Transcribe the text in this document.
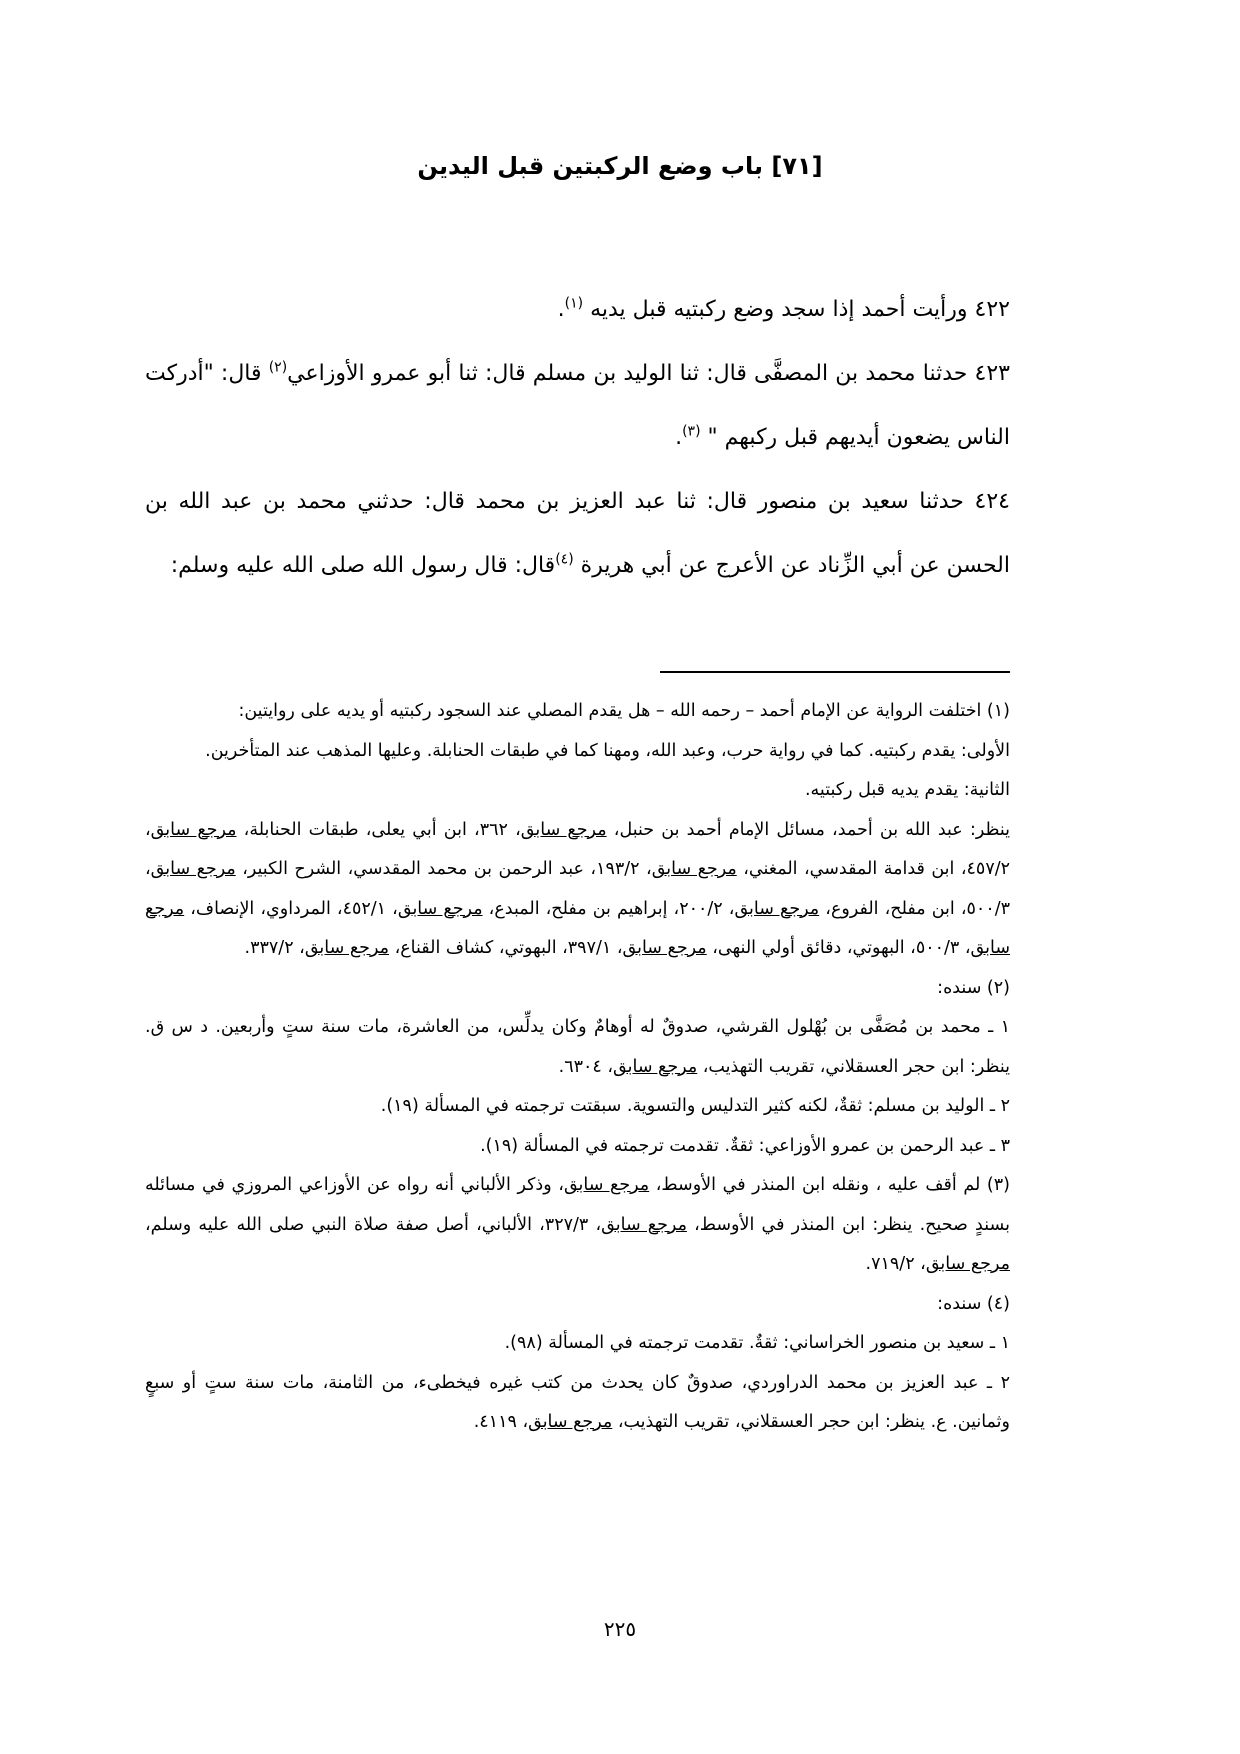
[٧١] باب وضع الركبتين قبل اليدين

٤٢٢ ورأيت أحمد إذا سجد وضع ركبتيه قبل يديه $^{(١)}$.

٤٢٣ حدثنا محمد بن المصفَّى قال: ثنا الوليد بن مسلم قال: ثنا أبو عمرو الأوزاعي$^{(٢)}$ قال: "أدركت الناس يضعون أيديهم قبل ركبهم " $^{(٣)}$.

٤٢٤ حدثنا سعيد بن منصور قال: ثنا عبد العزيز بن محمد قال: حدثني محمد بن عبد الله بن الحسن عن أبي الزِّناد عن الأعرج عن أبي هريرة $^{(٤)}$قال: قال رسول الله صلى الله عليه وسلم:

(١) اختلفت الرواية عن الإمام أحمد – رحمه الله – هل يقدم المصلي عند السجود ركبتيه أو يديه على روايتين:

الأولى: يقدم ركبتيه. كما في رواية حرب، وعبد الله، ومهنا كما في طبقات الحنابلة. وعليها المذهب عند المتأخرين.

الثانية: يقدم يديه قبل ركبتيه.

ينظر: عبد الله بن أحمد، مسائل الإمام أحمد بن حنبل، مرجع سابق، ٣٦٢، ابن أبي يعلى، طبقات الحنابلة، مرجع سابق، ٤٥٧/٢، ابن قدامة المقدسي، المغني، مرجع سابق، ١٩٣/٢، عبد الرحمن بن محمد المقدسي، الشرح الكبير، مرجع سابق، ٥٠٠/٣، ابن مفلح، الفروع، مرجع سابق، ٢٠٠/٢، إبراهيم بن مفلح، المبدع، مرجع سابق، ٤٥٢/١، المرداوي، الإنصاف، مرجع سابق، ٥٠٠/٣، البهوتي، دقائق أولي النهى، مرجع سابق، ٣٩٧/١، البهوتي، كشاف القناع، مرجع سابق، ٣٣٧/٢.

(٢) سنده:

١ ـ محمد بن مُصَفَّى بن بُهْلول القرشي، صدوقٌ له أوهامٌ وكان يدلِّس، من العاشرة، مات سنة ستٍ وأربعين. د س ق. ينظر: ابن حجر العسقلاني، تقريب التهذيب، مرجع سابق، ٦٣٠٤.

٢ ـ الوليد بن مسلم: ثقةٌ، لكنه كثير التدليس والتسوية. سبقتت ترجمته في المسألة (١٩).

٣ ـ عبد الرحمن بن عمرو الأوزاعي: ثقةٌ. تقدمت ترجمته في المسألة (١٩).

(٣) لم أقف عليه ، ونقله ابن المنذر في الأوسط، مرجع سابق، وذكر الألباني أنه رواه عن الأوزاعي المروزي في مسائله بسندٍ صحيح. ينظر: ابن المنذر في الأوسط، مرجع سابق، ٣٢٧/٣، الألباني، أصل صفة صلاة النبي صلى الله عليه وسلم، مرجع سابق، ٧١٩/٢.

(٤) سنده:

١ ـ سعيد بن منصور الخراساني: ثقةٌ. تقدمت ترجمته في المسألة (٩٨).

٢ ـ عبد العزيز بن محمد الدراوردي، صدوقٌ كان يحدث من كتب غيره فيخطىء، من الثامنة، مات سنة ستٍ أو سبعٍ وثمانين. ع. ينظر: ابن حجر العسقلاني، تقريب التهذيب، مرجع سابق، ٤١١٩.

٢٢٥
